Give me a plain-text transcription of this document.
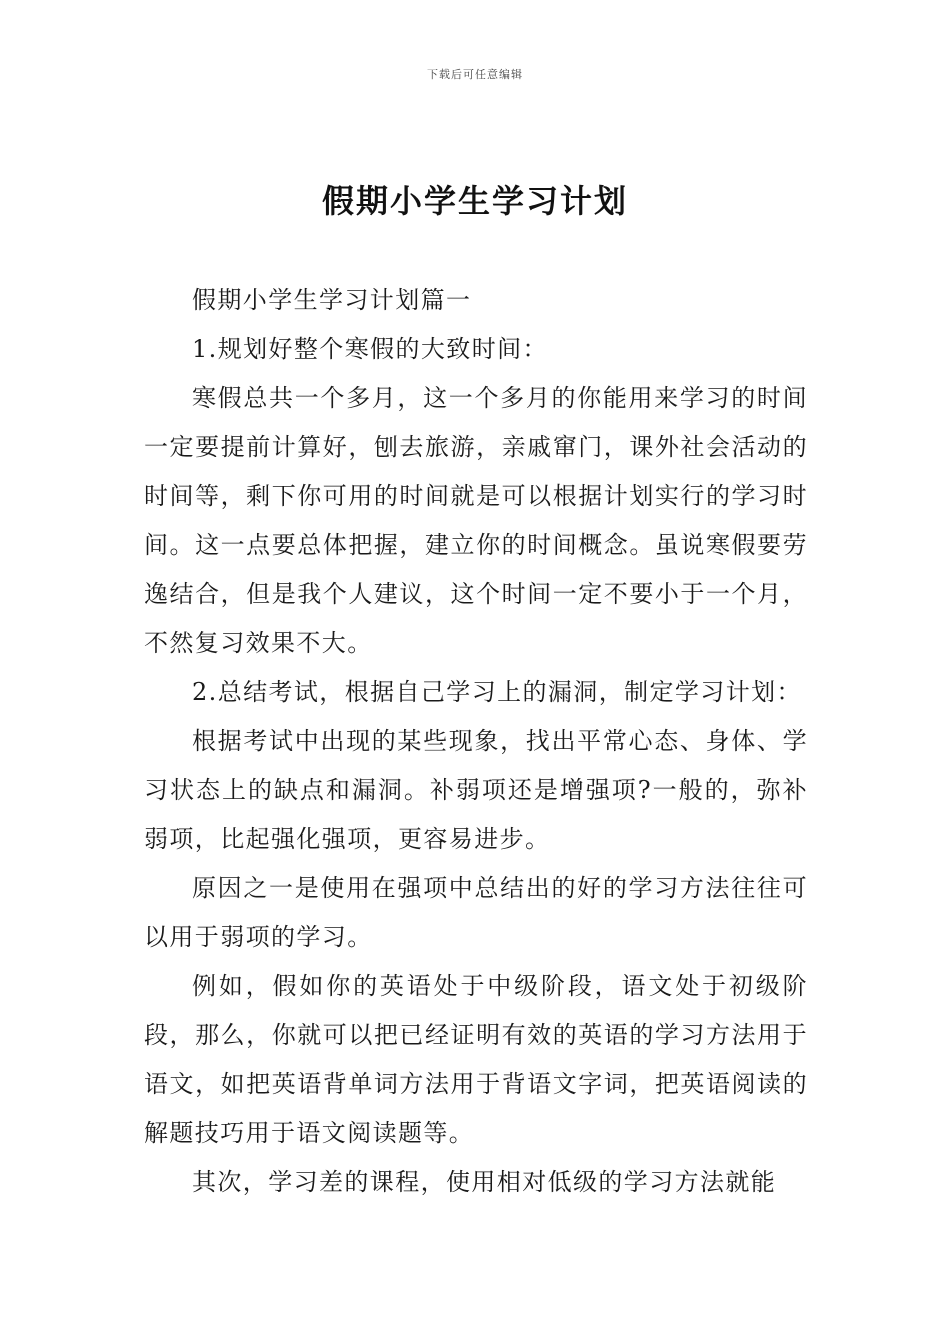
下载后可任意编辑
假期小学生学习计划

假期小学生学习计划篇一

1.规划好整个寒假的大致时间：

寒假总共一个多月，这一个多月的你能用来学习的时间一定要提前计算好，刨去旅游，亲戚窜门，课外社会活动的时间等，剩下你可用的时间就是可以根据计划实行的学习时间。这一点要总体把握，建立你的时间概念。虽说寒假要劳逸结合，但是我个人建议，这个时间一定不要小于一个月，不然复习效果不大。

2.总结考试，根据自己学习上的漏洞，制定学习计划：

根据考试中出现的某些现象，找出平常心态、身体、学习状态上的缺点和漏洞。补弱项还是增强项?一般的，弥补弱项，比起强化强项，更容易进步。

原因之一是使用在强项中总结出的好的学习方法往往可以用于弱项的学习。

例如，假如你的英语处于中级阶段，语文处于初级阶段，那么，你就可以把已经证明有效的英语的学习方法用于语文，如把英语背单词方法用于背语文字词，把英语阅读的解题技巧用于语文阅读题等。

其次，学习差的课程，使用相对低级的学习方法就能
